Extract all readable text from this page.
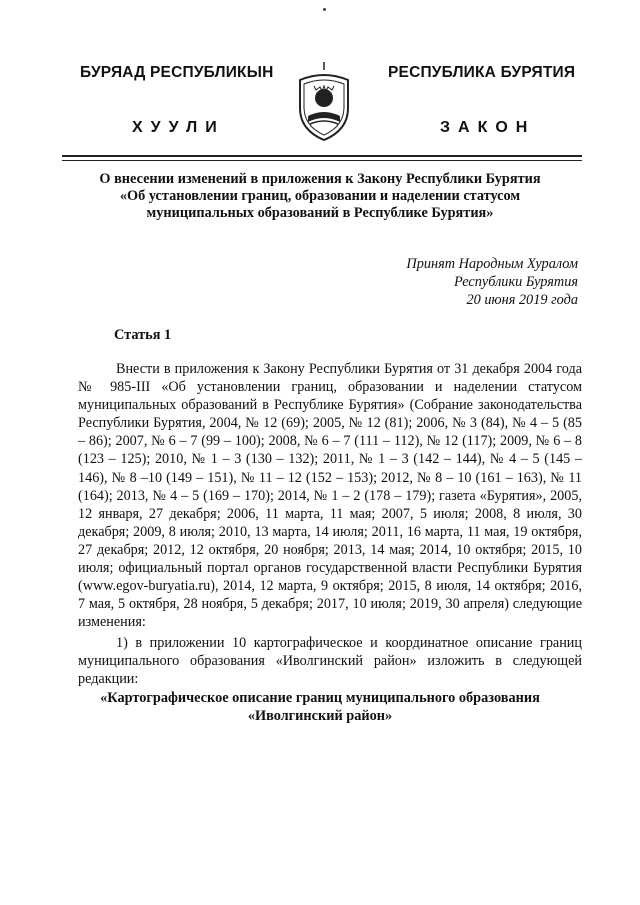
БУРЯАД РЕСПУБЛИКЫН	РЕСПУБЛИКА БУРЯТИЯ
ХУУЛИ	ЗАКОН
О внесении изменений в приложения к Закону Республики Бурятия
«Об установлении границ, образовании и наделении статусом
муниципальных образований в Республике Бурятия»
Принят Народным Хуралом
Республики Бурятия
20 июня 2019 года
Статья 1

Внести в приложения к Закону Республики Бурятия от 31 декабря 2004 года № 985-III «Об установлении границ, образовании и наделении статусом муниципальных образований в Республике Бурятия» (Собрание законодательства Республики Бурятия, 2004, № 12 (69); 2005, № 12 (81); 2006, № 3 (84), № 4 – 5 (85 – 86); 2007, № 6 – 7 (99 – 100); 2008, № 6 – 7 (111 – 112), № 12 (117); 2009, № 6 – 8 (123 – 125); 2010, № 1 – 3 (130 – 132); 2011, № 1 – 3 (142 – 144), № 4 – 5 (145 – 146), № 8 –10 (149 – 151), № 11 – 12 (152 – 153); 2012, № 8 – 10 (161 – 163), № 11 (164); 2013, № 4 – 5 (169 – 170); 2014, № 1 – 2 (178 – 179); газета «Бурятия», 2005, 12 января, 27 декабря; 2006, 11 марта, 11 мая; 2007, 5 июля; 2008, 8 июля, 30 декабря; 2009, 8 июля; 2010, 13 марта, 14 июля; 2011, 16 марта, 11 мая, 19 октября, 27 декабря; 2012, 12 октября, 20 ноября; 2013, 14 мая; 2014, 10 октября; 2015, 10 июля; официальный портал органов государственной власти Республики Бурятия (www.egov-buryatia.ru), 2014, 12 марта, 9 октября; 2015, 8 июля, 14 октября; 2016, 7 мая, 5 октября, 28 ноября, 5 декабря; 2017, 10 июля; 2019, 30 апреля) следующие изменения:

1) в приложении 10 картографическое и координатное описание границ муниципального образования «Иволгинский район» изложить в следующей редакции:

«Картографическое описание границ муниципального образования
«Иволгинский район»
